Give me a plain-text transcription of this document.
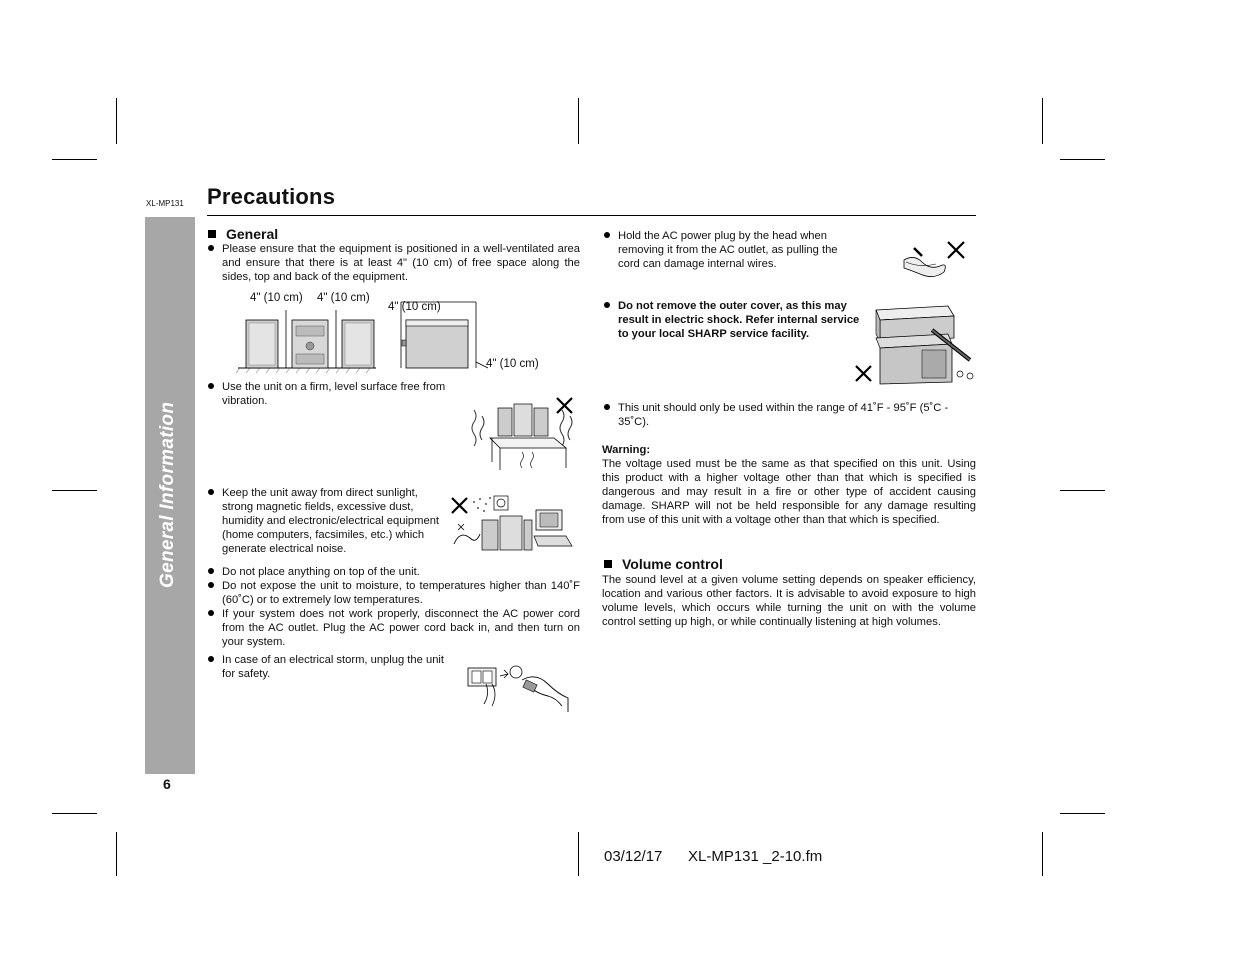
XL-MP131 Precautions
General Information
6
General
Please ensure that the equipment is positioned in a well-ventilated area and ensure that there is at least 4" (10 cm) of free space along the sides, top and back of the equipment.
4" (10 cm) 4" (10 cm)
4" (10 cm)
4" (10 cm)
Use the unit on a firm, level surface free from vibration.
Keep the unit away from direct sunlight, strong magnetic fields, excessive dust, humidity and electronic/electrical equipment (home computers, facsimiles, etc.) which generate electrical noise.
Do not place anything on top of the unit.
Do not expose the unit to moisture, to temperatures higher than 140˚F (60˚C) or to extremely low temperatures.
If your system does not work properly, disconnect the AC power cord from the AC outlet. Plug the AC power cord back in, and then turn on your system.
In case of an electrical storm, unplug the unit for safety.
Hold the AC power plug by the head when removing it from the AC outlet, as pulling the cord can damage internal wires.
Do not remove the outer cover, as this may result in electric shock. Refer internal service to your local SHARP service facility.
This unit should only be used within the range of 41˚F - 95˚F (5˚C - 35˚C).
Warning:
The voltage used must be the same as that specified on this unit. Using this product with a higher voltage other than that which is specified is dangerous and may result in a fire or other type of accident causing damage. SHARP will not be held responsible for any damage resulting from use of this unit with a voltage other than that which is specified.
Volume control
The sound level at a given volume setting depends on speaker efficiency, location and various other factors. It is advisable to avoid exposure to high volume levels, which occurs while turning the unit on with the volume control setting up high, or while continually listening at high volumes.
03/12/17 XL-MP131 _2-10.fm
